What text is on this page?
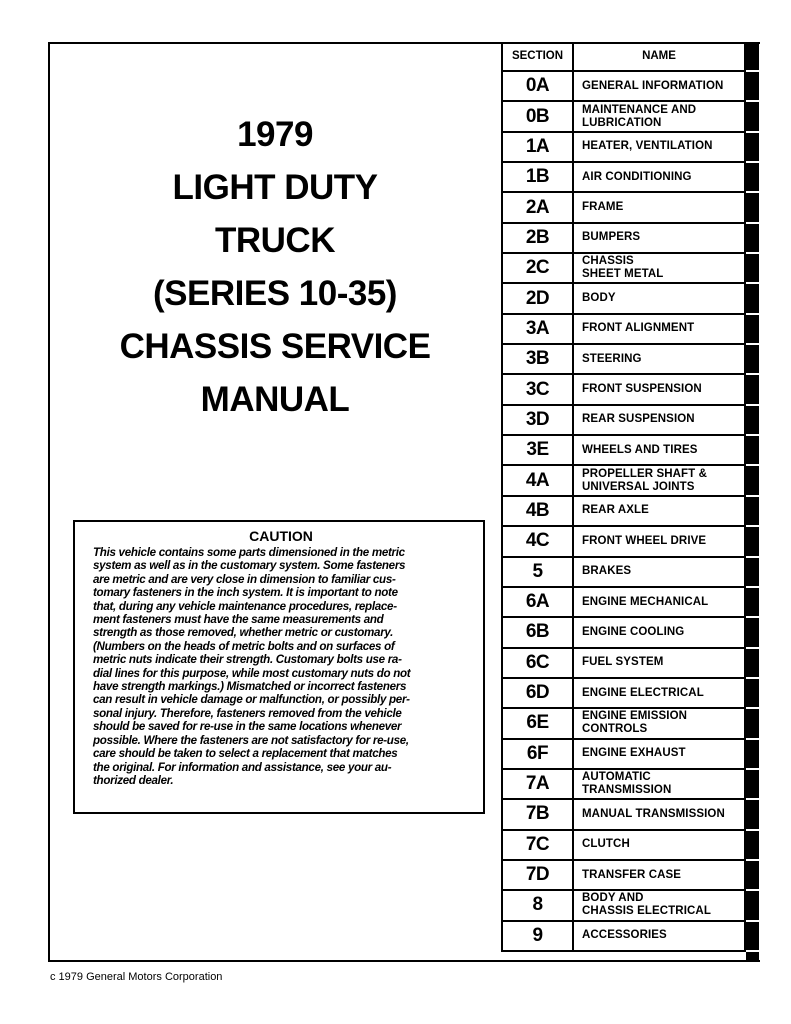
1979
LIGHT DUTY
TRUCK
(SERIES 10-35)
CHASSIS SERVICE
MANUAL
CAUTION
This vehicle contains some parts dimensioned in the metric
system as well as in the customary system. Some fasteners
are metric and are very close in dimension to familiar cus-
tomary fasteners in the inch system. It is important to note
that, during any vehicle maintenance procedures, replace-
ment fasteners must have the same measurements and
strength as those removed, whether metric or customary.
(Numbers on the heads of metric bolts and on surfaces of
metric nuts indicate their strength. Customary bolts use ra-
dial lines for this purpose, while most customary nuts do not
have strength markings.) Mismatched or incorrect fasteners
can result in vehicle damage or malfunction, or possibly per-
sonal injury. Therefore, fasteners removed from the vehicle
should be saved for re-use in the same locations whenever
possible. Where the fasteners are not satisfactory for re-use,
care should be taken to select a replacement that matches
the original. For information and assistance, see your au-
thorized dealer.
SECTION	NAME
0A	GENERAL INFORMATION
0B	MAINTENANCE AND
LUBRICATION
1A	HEATER, VENTILATION
1B	AIR CONDITIONING
2A	FRAME
2B	BUMPERS
2C	CHASSIS
SHEET METAL
2D	BODY
3A	FRONT ALIGNMENT
3B	STEERING
3C	FRONT SUSPENSION
3D	REAR SUSPENSION
3E	WHEELS AND TIRES
4A	PROPELLER SHAFT &
UNIVERSAL JOINTS
4B	REAR AXLE
4C	FRONT WHEEL DRIVE
5	BRAKES
6A	ENGINE MECHANICAL
6B	ENGINE COOLING
6C	FUEL SYSTEM
6D	ENGINE ELECTRICAL
6E	ENGINE EMISSION
CONTROLS
6F	ENGINE EXHAUST
7A	AUTOMATIC
TRANSMISSION
7B	MANUAL TRANSMISSION
7C	CLUTCH
7D	TRANSFER CASE
8	BODY AND
CHASSIS ELECTRICAL
9	ACCESSORIES
c 1979 General Motors Corporation
